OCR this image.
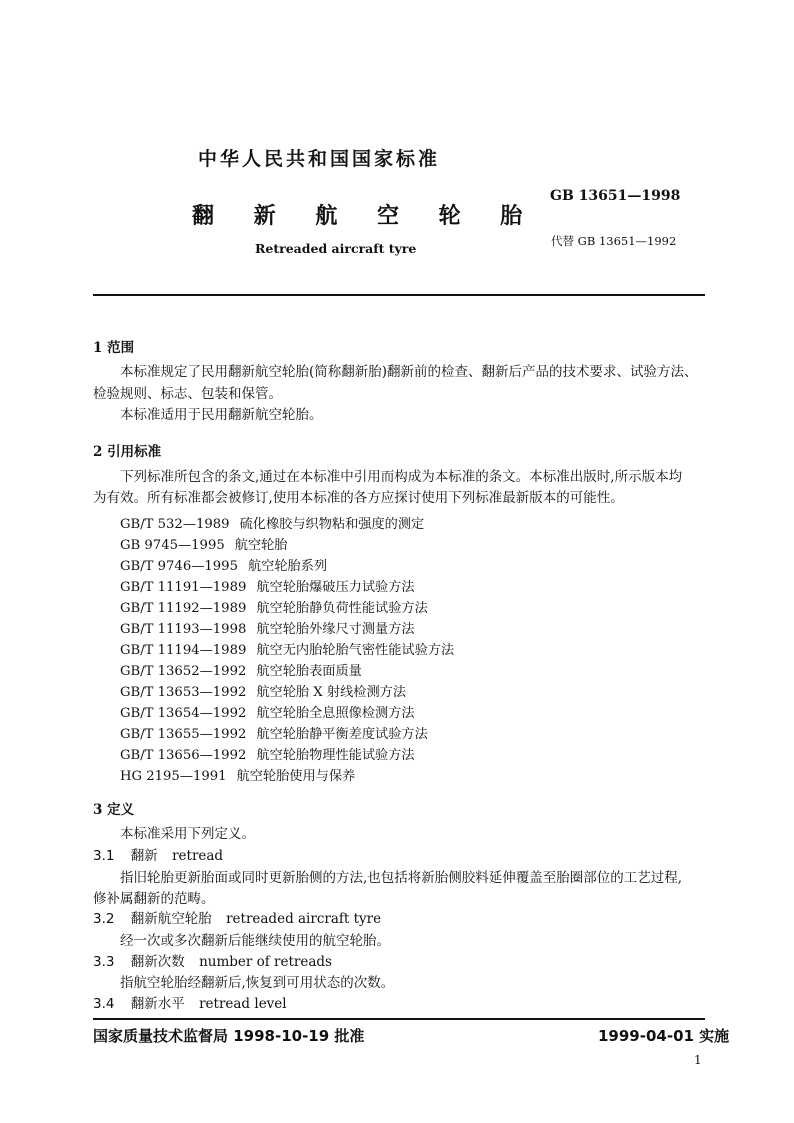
中华人民共和国国家标准
翻 新 航 空 轮 胎
Retreaded aircraft tyre
GB 13651—1998
代替 GB 13651—1992
1 范围
本标准规定了民用翻新航空轮胎(简称翻新胎)翻新前的检查、翻新后产品的技术要求、试验方法、
检验规则、标志、包装和保管。
本标准适用于民用翻新航空轮胎。
2 引用标准
下列标准所包含的条文,通过在本标准中引用而构成为本标准的条文。本标准出版时,所示版本均
为有效。所有标准都会被修订,使用本标准的各方应探讨使用下列标准最新版本的可能性。
GB/T 532—1989 硫化橡胶与织物粘和强度的测定
GB 9745—1995 航空轮胎
GB/T 9746—1995 航空轮胎系列
GB/T 11191—1989 航空轮胎爆破压力试验方法
GB/T 11192—1989 航空轮胎静负荷性能试验方法
GB/T 11193—1998 航空轮胎外缘尺寸测量方法
GB/T 11194—1989 航空无内胎轮胎气密性能试验方法
GB/T 13652—1992 航空轮胎表面质量
GB/T 13653—1992 航空轮胎 X 射线检测方法
GB/T 13654—1992 航空轮胎全息照像检测方法
GB/T 13655—1992 航空轮胎静平衡差度试验方法
GB/T 13656—1992 航空轮胎物理性能试验方法
HG 2195—1991 航空轮胎使用与保养
3 定义
本标准采用下列定义。
3.1 翻新 retread
指旧轮胎更新胎面或同时更新胎侧的方法,也包括将新胎侧胶料延伸覆盖至胎圈部位的工艺过程,
修补属翻新的范畴。
3.2 翻新航空轮胎 retreaded aircraft tyre
经一次或多次翻新后能继续使用的航空轮胎。
3.3 翻新次数 number of retreads
指航空轮胎经翻新后,恢复到可用状态的次数。
3.4 翻新水平 retread level
国家质量技术监督局 1998-10-19 批准	1999-04-01 实施
1
